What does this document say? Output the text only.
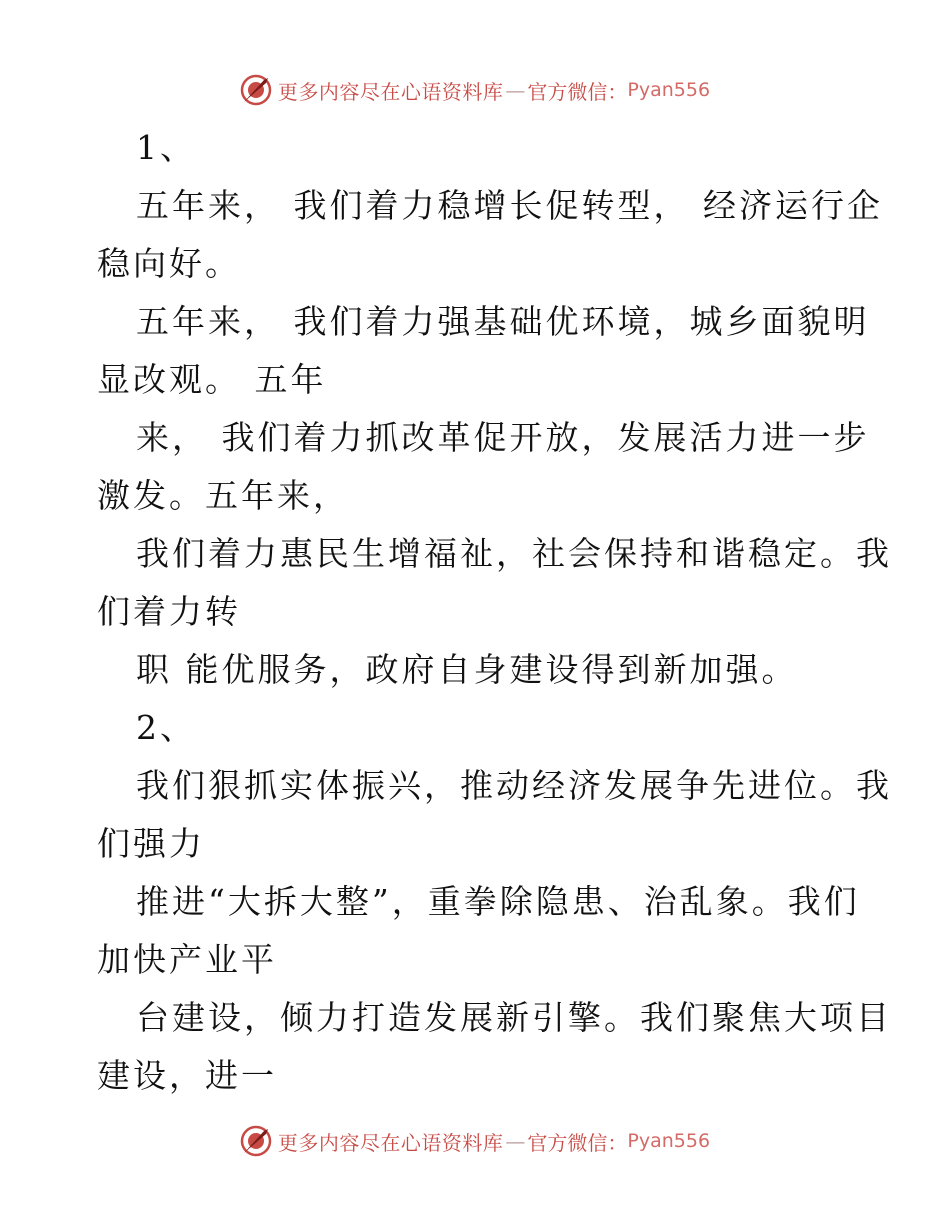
更多内容尽在心语资料库 — 官方微信： Pyan556
1、
五年来， 我们着力稳增长促转型， 经济运行企
稳向好。
五年来， 我们着力强基础优环境，城乡面貌明
显改观。 五年
来， 我们着力抓改革促开放，发展活力进一步
激发。五年来，
我们着力惠民生增福祉，社会保持和谐稳定。我
们着力转
职 能优服务，政府自身建设得到新加强。
2、
我们狠抓实体振兴，推动经济发展争先进位。我
们强力
推进“大拆大整”，重拳除隐患、治乱象。我们
加快产业平
台建设，倾力打造发展新引擎。我们聚焦大项目
建设，进一
更多内容尽在心语资料库 — 官方微信： Pyan556
